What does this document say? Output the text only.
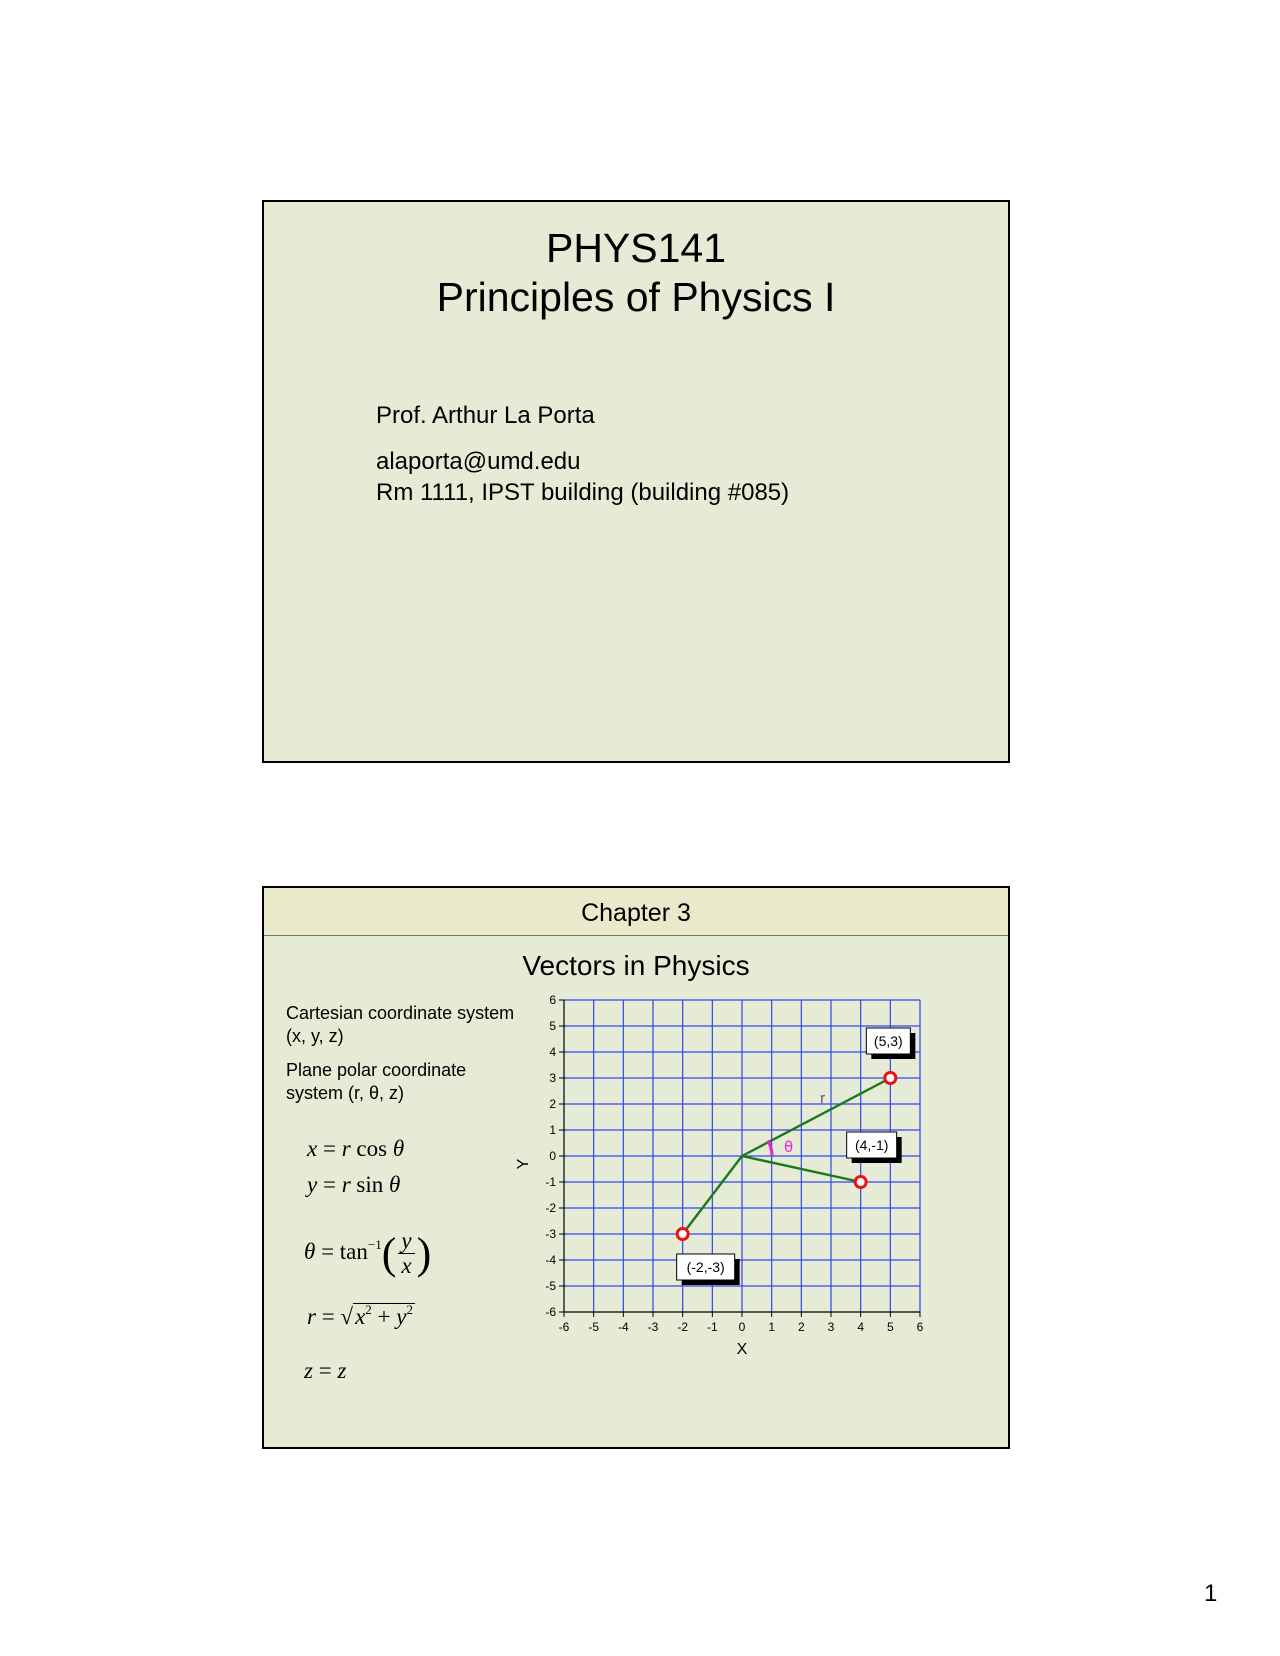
PHYS141
Principles of Physics I
Prof. Arthur La Porta
alaporta@umd.edu
Rm 1111, IPST building (building #085)
Chapter 3
Vectors in Physics
Cartesian coordinate system (x, y, z)
Plane polar coordinate system (r, θ, z)
x = r cos θ
y = r sin θ
$\theta = \tan^{-1}( \frac{y}{x}$ )
$r = √x^2 + y^2$
z = z
-6 -5 -4 -3 -2 -1 0 1 2 3 4 5 6
-6
-5
-4
-3
-2
-1
0
1
2
3
4
5
6
X
Y
θ
r
(5,3)
(4,-1)
(-2,-3)
1
